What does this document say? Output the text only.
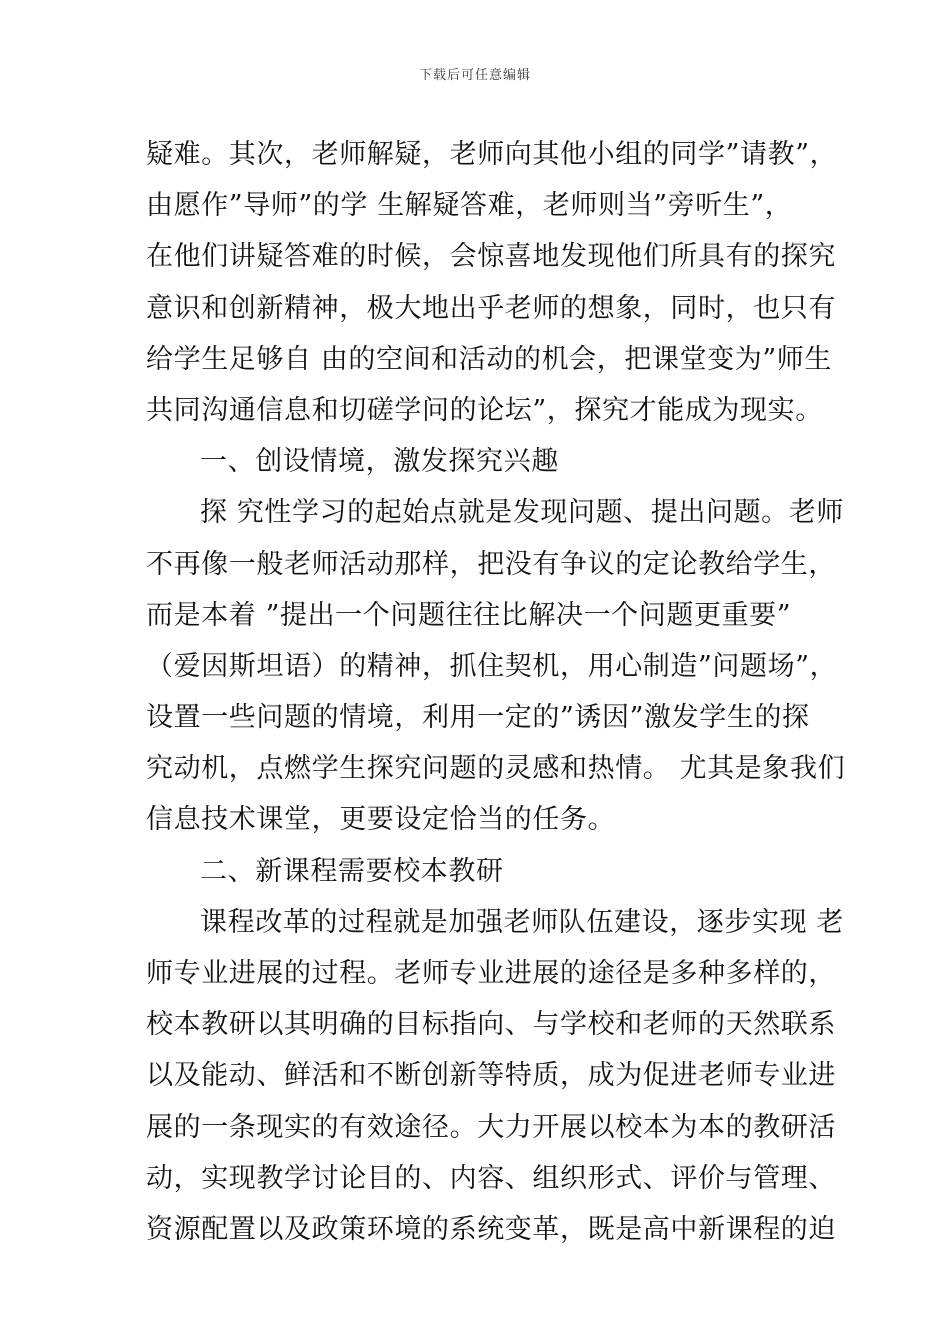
下载后可任意编辑
疑难。其次，老师解疑，老师向其他小组的同学”请教”，
由愿作”导师”的学 生解疑答难，老师则当”旁听生”，
在他们讲疑答难的时候，会惊喜地发现他们所具有的探究
意识和创新精神，极大地出乎老师的想象，同时，也只有
给学生足够自 由的空间和活动的机会，把课堂变为”师生
共同沟通信息和切磋学问的论坛”，探究才能成为现实。
一、创设情境，激发探究兴趣
探 究性学习的起始点就是发现问题、提出问题。老师
不再像一般老师活动那样，把没有争议的定论教给学生，
而是本着 ”提出一个问题往往比解决一个问题更重要”
（爱因斯坦语）的精神，抓住契机，用心制造”问题场”，
设置一些问题的情境，利用一定的”诱因”激发学生的探
究动机，点燃学生探究问题的灵感和热情。 尤其是象我们
信息技术课堂，更要设定恰当的任务。
二、新课程需要校本教研
课程改革的过程就是加强老师队伍建设，逐步实现 老
师专业进展的过程。老师专业进展的途径是多种多样的，
校本教研以其明确的目标指向、与学校和老师的天然联系
以及能动、鲜活和不断创新等特质，成为促进老师专业进
展的一条现实的有效途径。大力开展以校本为本的教研活
动，实现教学讨论目的、内容、组织形式、评价与管理、
资源配置以及政策环境的系统变革，既是高中新课程的迫
